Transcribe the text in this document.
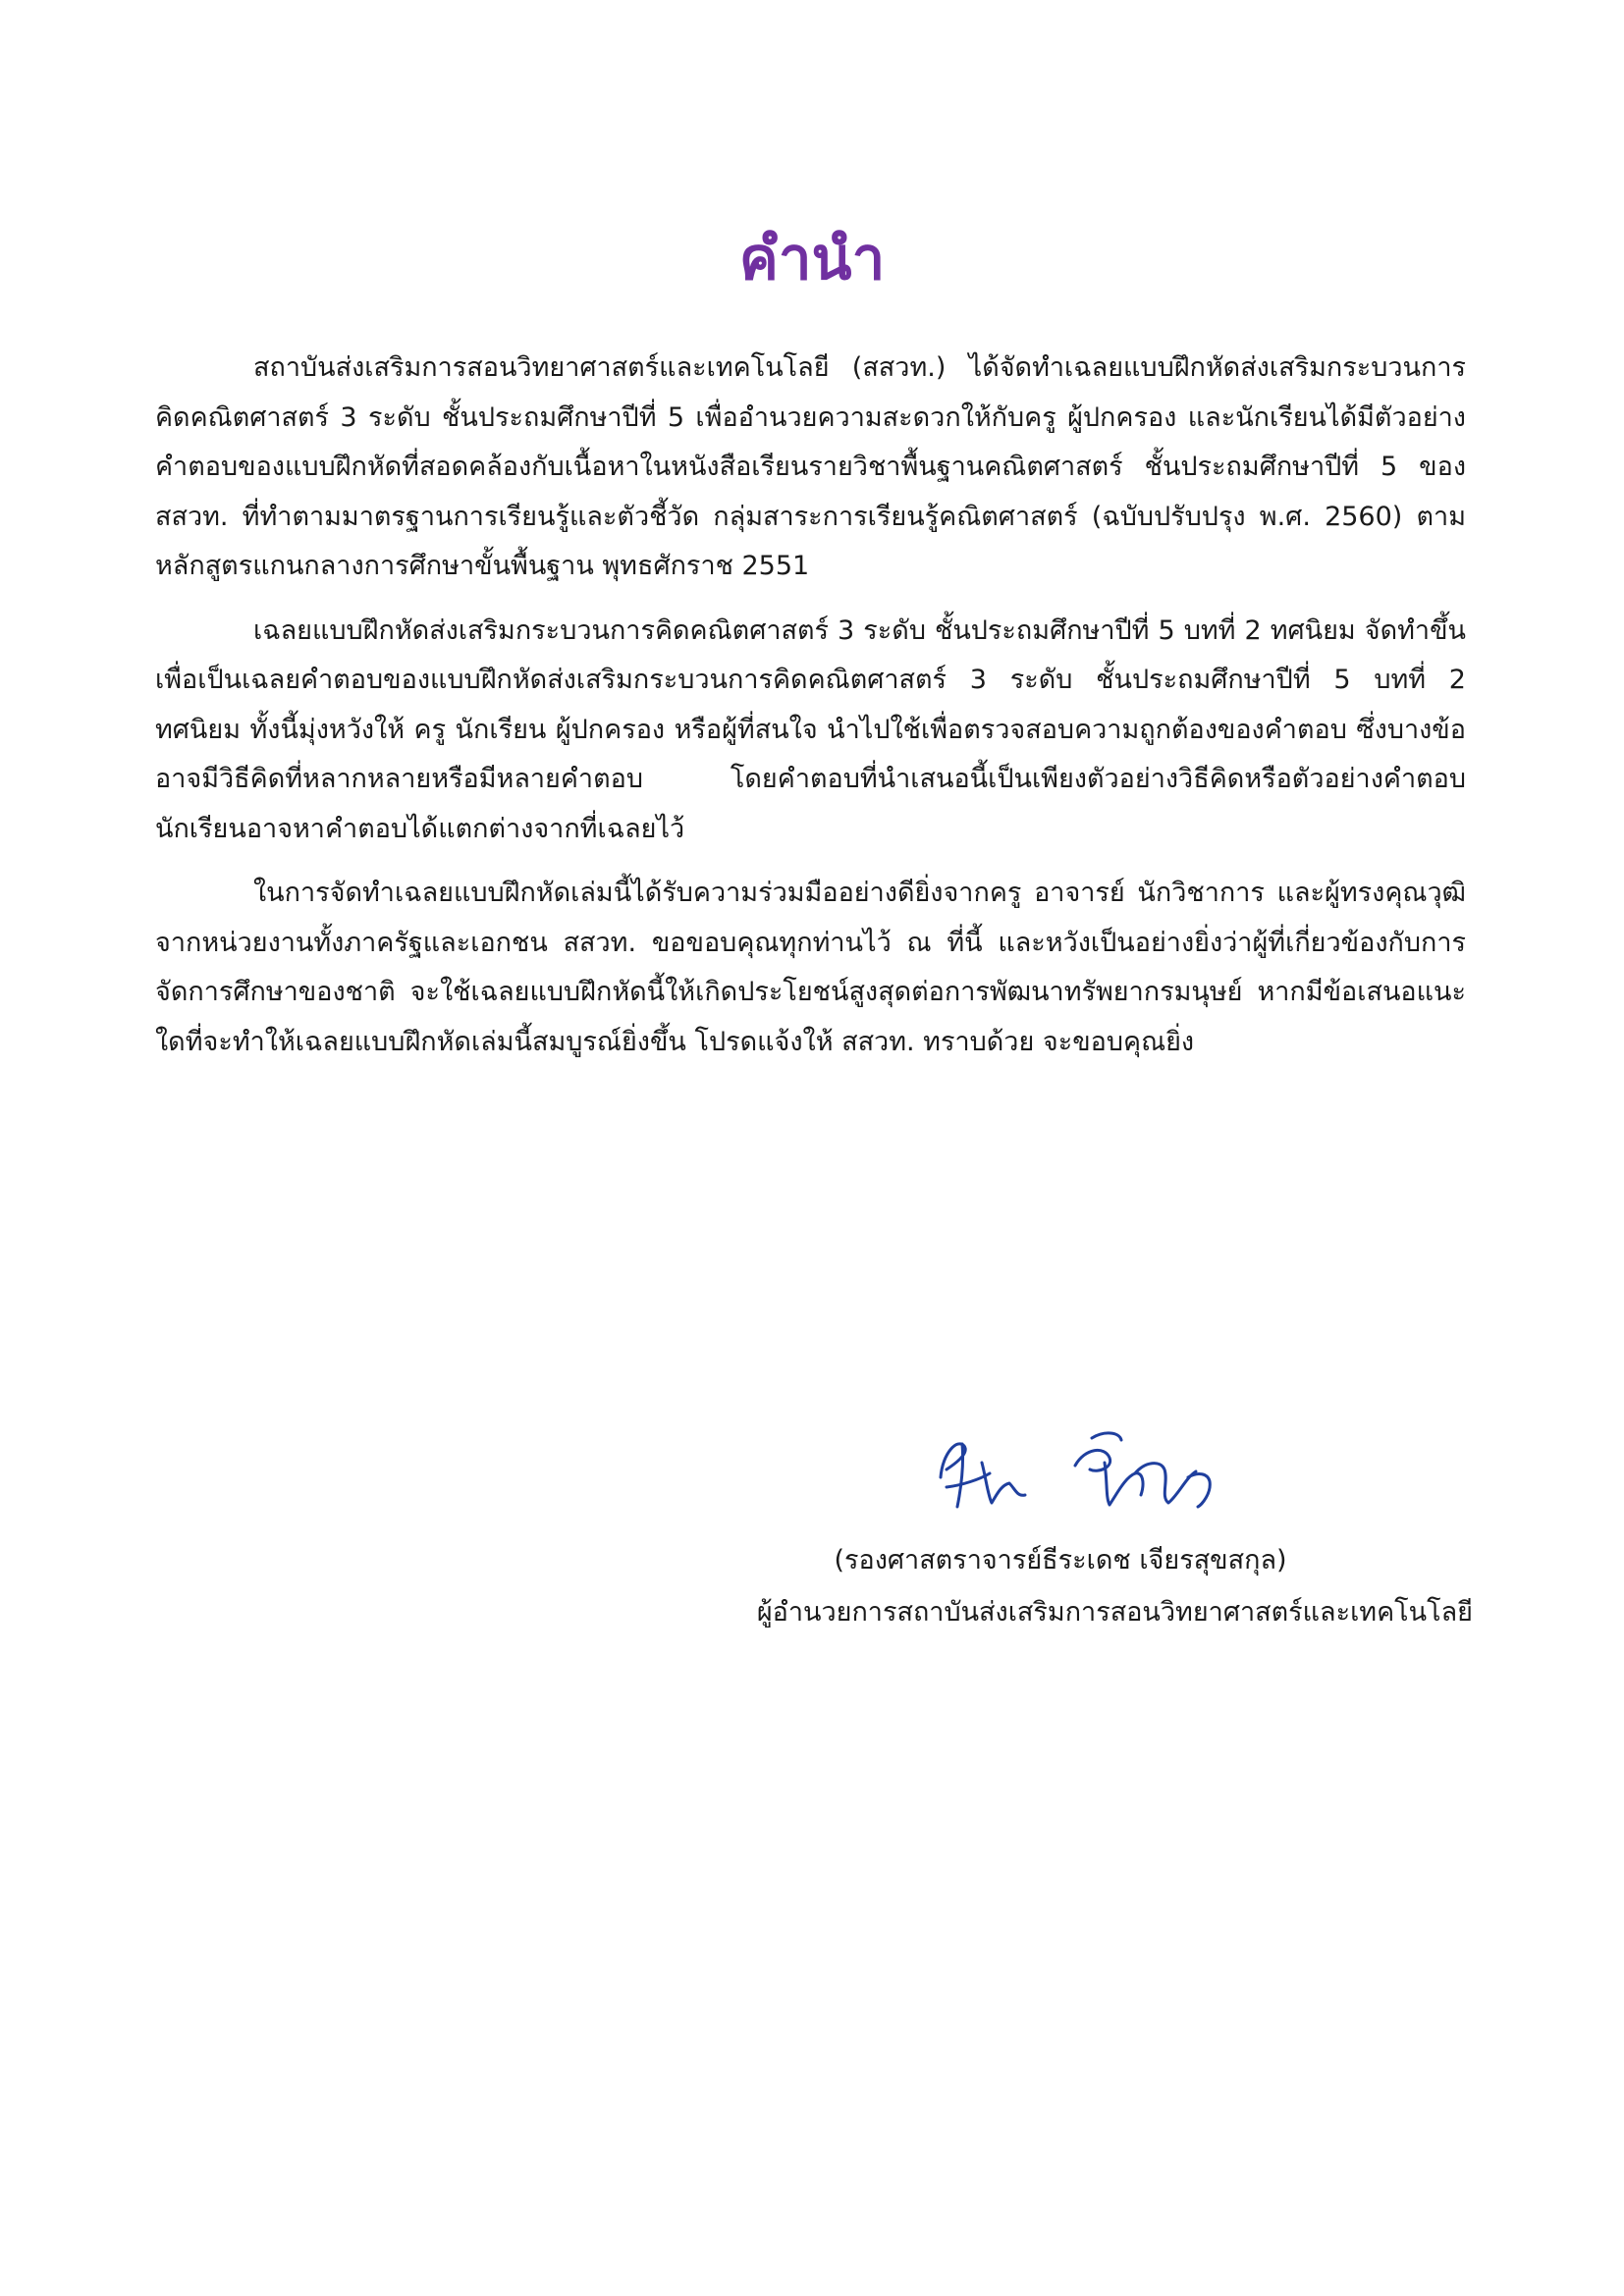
คำนำ

สถาบันส่งเสริมการสอนวิทยาศาสตร์และเทคโนโลยี (สสวท.) ได้จัดทำเฉลยแบบฝึกหัดส่งเสริมกระบวนการคิดคณิตศาสตร์ 3 ระดับ ชั้นประถมศึกษาปีที่ 5 เพื่ออำนวยความสะดวกให้กับครู ผู้ปกครอง และนักเรียนได้มีตัวอย่างคำตอบของแบบฝึกหัดที่สอดคล้องกับเนื้อหาในหนังสือเรียนรายวิชาพื้นฐานคณิตศาสตร์ ชั้นประถมศึกษาปีที่ 5 ของ สสวท. ที่ทำตามมาตรฐานการเรียนรู้และตัวชี้วัด กลุ่มสาระการเรียนรู้คณิตศาสตร์ (ฉบับปรับปรุง พ.ศ. 2560) ตามหลักสูตรแกนกลางการศึกษาขั้นพื้นฐาน พุทธศักราช 2551

เฉลยแบบฝึกหัดส่งเสริมกระบวนการคิดคณิตศาสตร์ 3 ระดับ ชั้นประถมศึกษาปีที่ 5 บทที่ 2 ทศนิยม จัดทำขึ้นเพื่อเป็นเฉลยคำตอบของแบบฝึกหัดส่งเสริมกระบวนการคิดคณิตศาสตร์ 3 ระดับ ชั้นประถมศึกษาปีที่ 5 บทที่ 2 ทศนิยม ทั้งนี้มุ่งหวังให้ ครู นักเรียน ผู้ปกครอง หรือผู้ที่สนใจ นำไปใช้เพื่อตรวจสอบความถูกต้องของคำตอบ ซึ่งบางข้ออาจมีวิธีคิดที่หลากหลายหรือมีหลายคำตอบ โดยคำตอบที่นำเสนอนี้เป็นเพียงตัวอย่างวิธีคิดหรือตัวอย่างคำตอบ นักเรียนอาจหาคำตอบได้แตกต่างจากที่เฉลยไว้

ในการจัดทำเฉลยแบบฝึกหัดเล่มนี้ได้รับความร่วมมืออย่างดียิ่งจากครู อาจารย์ นักวิชาการ และผู้ทรงคุณวุฒิจากหน่วยงานทั้งภาครัฐและเอกชน สสวท. ขอขอบคุณทุกท่านไว้ ณ ที่นี้ และหวังเป็นอย่างยิ่งว่าผู้ที่เกี่ยวข้องกับการจัดการศึกษาของชาติ จะใช้เฉลยแบบฝึกหัดนี้ให้เกิดประโยชน์สูงสุดต่อการพัฒนาทรัพยากรมนุษย์ หากมีข้อเสนอแนะใดที่จะทำให้เฉลยแบบฝึกหัดเล่มนี้สมบูรณ์ยิ่งขึ้น โปรดแจ้งให้ สสวท. ทราบด้วย จะขอบคุณยิ่ง

(รองศาสตราจารย์ธีระเดช เจียรสุขสกุล)
ผู้อำนวยการสถาบันส่งเสริมการสอนวิทยาศาสตร์และเทคโนโลยี
